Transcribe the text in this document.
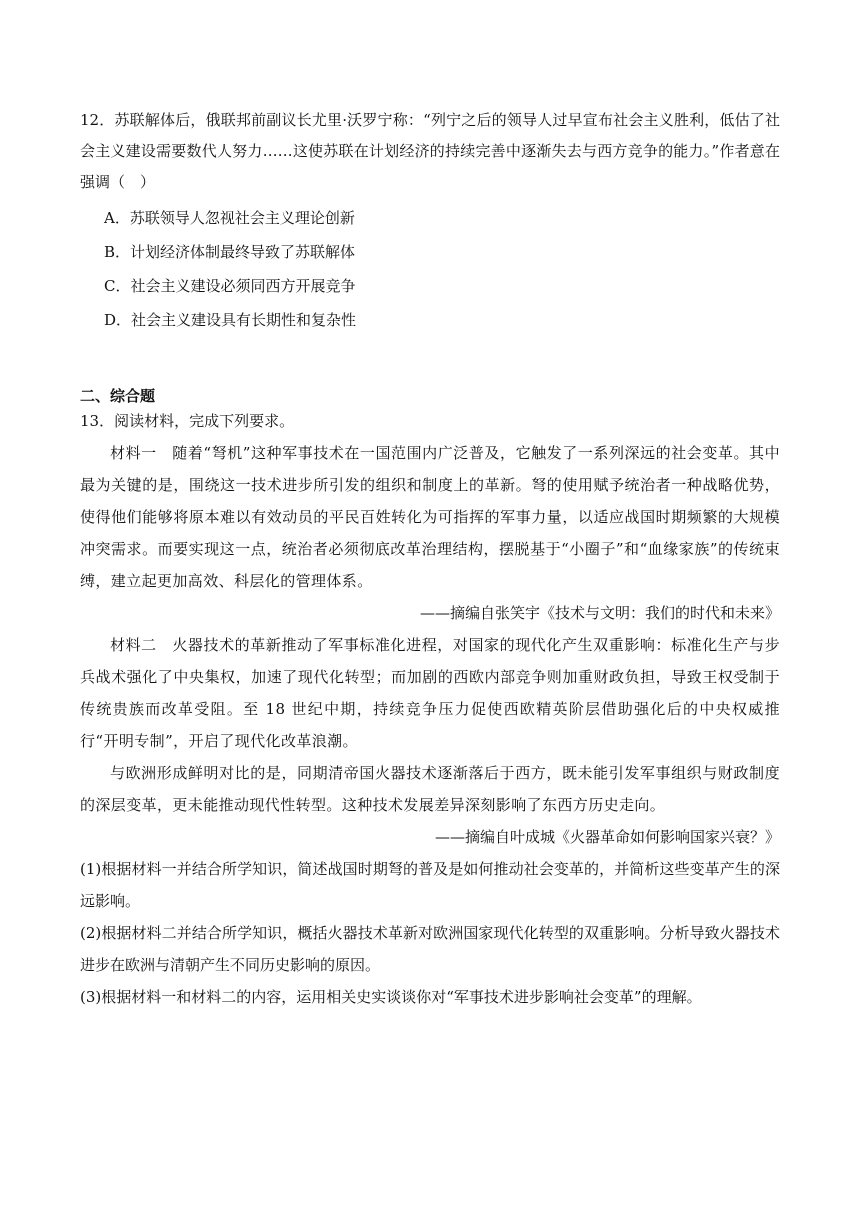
12．苏联解体后，俄联邦前副议长尤里·沃罗宁称：“列宁之后的领导人过早宣布社会主义胜利，低估了社会主义建设需要数代人努力……这使苏联在计划经济的持续完善中逐渐失去与西方竞争的能力。”作者意在强调（　）

A．苏联领导人忽视社会主义理论创新

B．计划经济体制最终导致了苏联解体

C．社会主义建设必须同西方开展竞争

D．社会主义建设具有长期性和复杂性

二、综合题

13．阅读材料，完成下列要求。

材料一　随着“弩机”这种军事技术在一国范围内广泛普及，它触发了一系列深远的社会变革。其中最为关键的是，围绕这一技术进步所引发的组织和制度上的革新。弩的使用赋予统治者一种战略优势，使得他们能够将原本难以有效动员的平民百姓转化为可指挥的军事力量，以适应战国时期频繁的大规模冲突需求。而要实现这一点，统治者必须彻底改革治理结构，摆脱基于“小圈子”和“血缘家族”的传统束缚，建立起更加高效、科层化的管理体系。

——摘编自张笑宇《技术与文明：我们的时代和未来》

材料二　火器技术的革新推动了军事标准化进程，对国家的现代化产生双重影响：标准化生产与步兵战术强化了中央集权，加速了现代化转型；而加剧的西欧内部竞争则加重财政负担，导致王权受制于传统贵族而改革受阻。至 18 世纪中期，持续竞争压力促使西欧精英阶层借助强化后的中央权威推行“开明专制”，开启了现代化改革浪潮。

与欧洲形成鲜明对比的是，同期清帝国火器技术逐渐落后于西方，既未能引发军事组织与财政制度的深层变革，更未能推动现代性转型。这种技术发展差异深刻影响了东西方历史走向。

——摘编自叶成城《火器革命如何影响国家兴衰？》

(1)根据材料一并结合所学知识，简述战国时期弩的普及是如何推动社会变革的，并简析这些变革产生的深远影响。

(2)根据材料二并结合所学知识，概括火器技术革新对欧洲国家现代化转型的双重影响。分析导致火器技术进步在欧洲与清朝产生不同历史影响的原因。

(3)根据材料一和材料二的内容，运用相关史实谈谈你对“军事技术进步影响社会变革”的理解。
